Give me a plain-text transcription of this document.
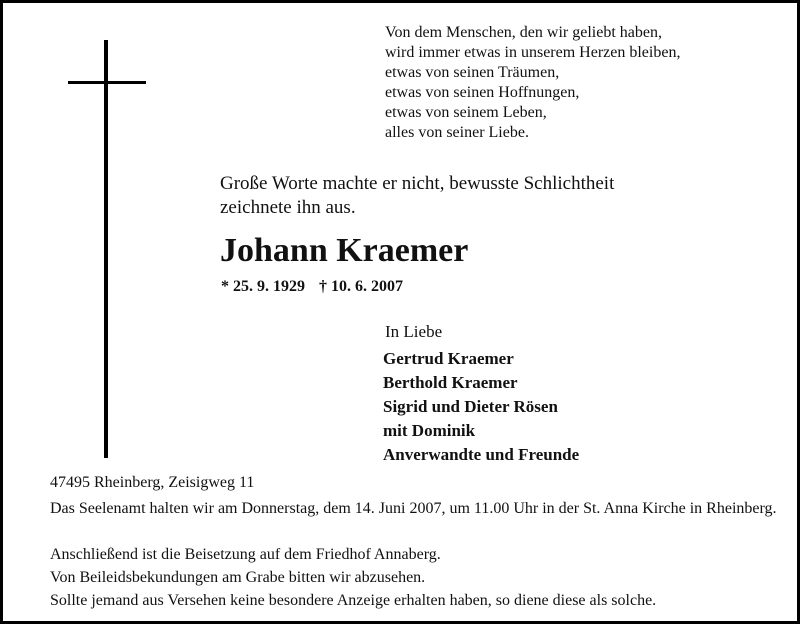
Von dem Menschen, den wir geliebt haben,
wird immer etwas in unserem Herzen bleiben,
etwas von seinen Träumen,
etwas von seinen Hoffnungen,
etwas von seinem Leben,
alles von seiner Liebe.
Große Worte machte er nicht, bewusste Schlichtheit
zeichnete ihn aus.
Johann Kraemer
* 25. 9. 1929 † 10. 6. 2007
In Liebe
Gertrud Kraemer
Berthold Kraemer
Sigrid und Dieter Rösen
mit Dominik
Anverwandte und Freunde
47495 Rheinberg, Zeisigweg 11
Das Seelenamt halten wir am Donnerstag, dem 14. Juni 2007, um 11.00 Uhr in der St. Anna Kirche in Rheinberg.
Anschließend ist die Beisetzung auf dem Friedhof Annaberg.
Von Beileidsbekundungen am Grabe bitten wir abzusehen.
Sollte jemand aus Versehen keine besondere Anzeige erhalten haben, so diene diese als solche.
